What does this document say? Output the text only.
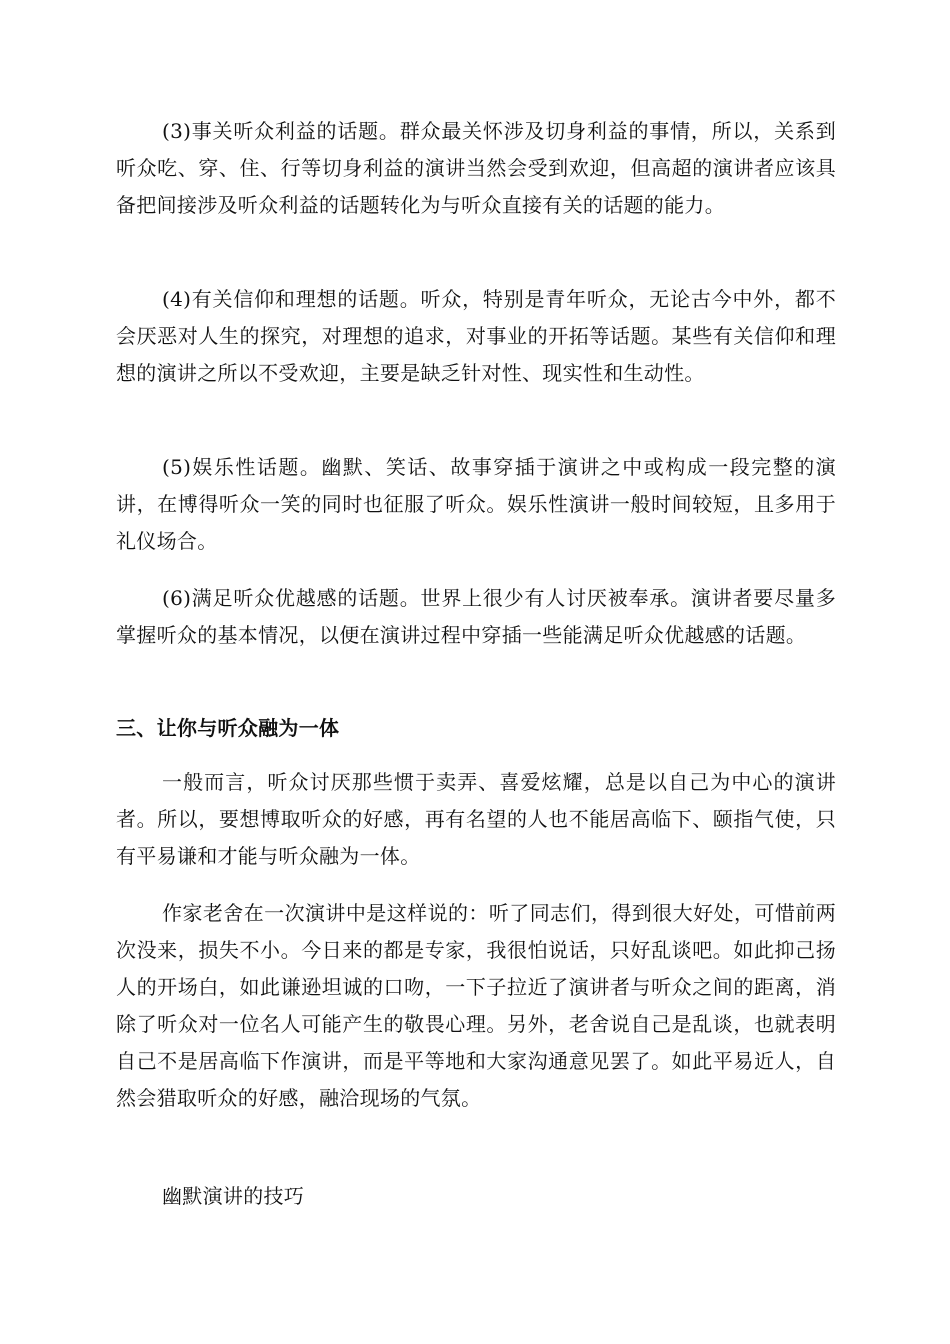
(3)事关听众利益的话题。群众最关怀涉及切身利益的事情，所以，关系到听众吃、穿、住、行等切身利益的演讲当然会受到欢迎，但高超的演讲者应该具备把间接涉及听众利益的话题转化为与听众直接有关的话题的能力。

(4)有关信仰和理想的话题。听众，特别是青年听众，无论古今中外，都不会厌恶对人生的探究，对理想的追求，对事业的开拓等话题。某些有关信仰和理想的演讲之所以不受欢迎，主要是缺乏针对性、现实性和生动性。

(5)娱乐性话题。幽默、笑话、故事穿插于演讲之中或构成一段完整的演讲，在博得听众一笑的同时也征服了听众。娱乐性演讲一般时间较短，且多用于礼仪场合。

(6)满足听众优越感的话题。世界上很少有人讨厌被奉承。演讲者要尽量多掌握听众的基本情况，以便在演讲过程中穿插一些能满足听众优越感的话题。

三、让你与听众融为一体

一般而言，听众讨厌那些惯于卖弄、喜爱炫耀，总是以自己为中心的演讲者。所以，要想博取听众的好感，再有名望的人也不能居高临下、颐指气使，只有平易谦和才能与听众融为一体。

作家老舍在一次演讲中是这样说的：听了同志们，得到很大好处，可惜前两次没来，损失不小。今日来的都是专家，我很怕说话，只好乱谈吧。如此抑己扬人的开场白，如此谦逊坦诚的口吻，一下子拉近了演讲者与听众之间的距离，消除了听众对一位名人可能产生的敬畏心理。另外，老舍说自己是乱谈，也就表明自己不是居高临下作演讲，而是平等地和大家沟通意见罢了。如此平易近人，自然会猎取听众的好感，融洽现场的气氛。

幽默演讲的技巧
